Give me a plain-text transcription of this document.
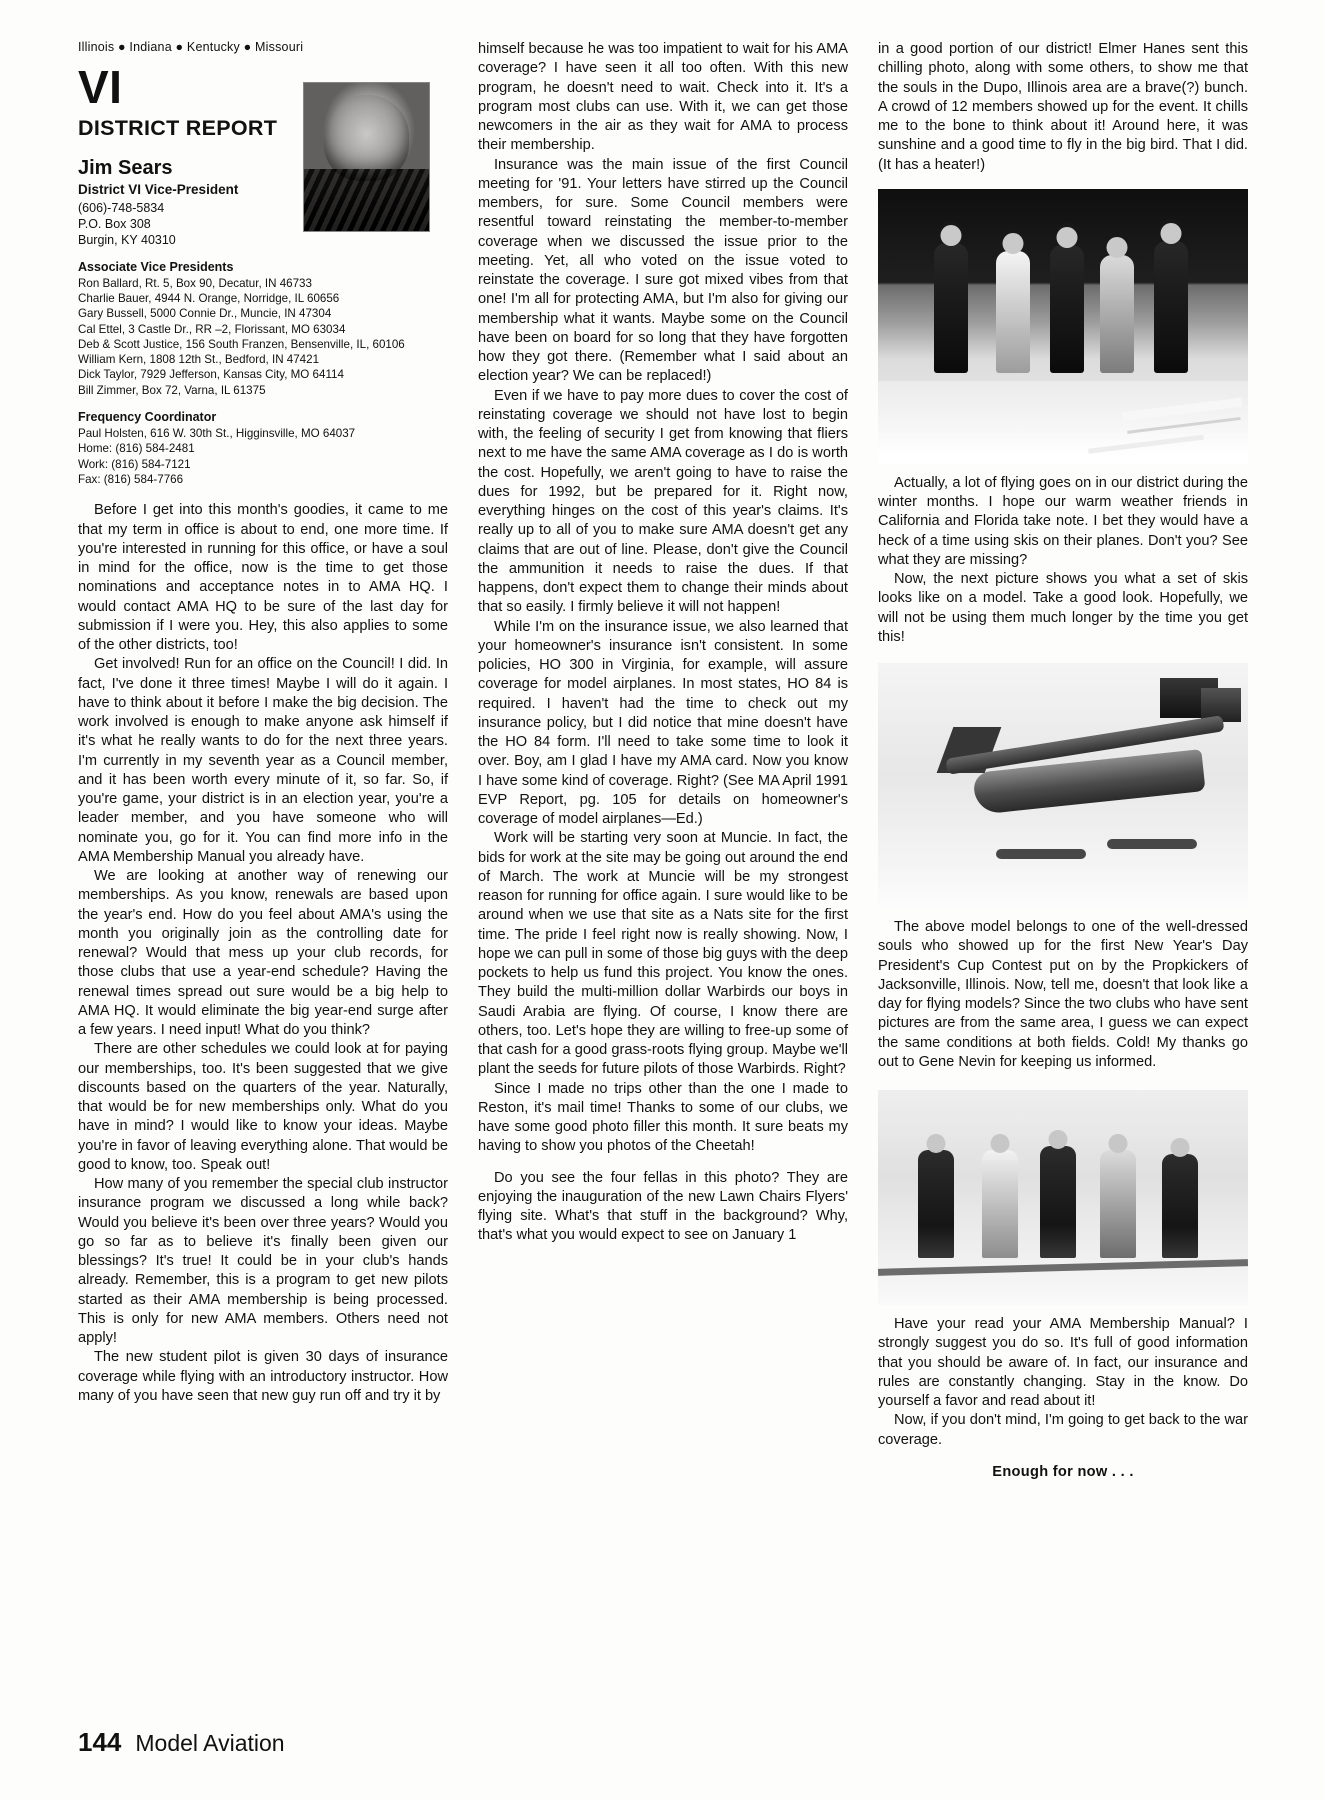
Illinois ● Indiana ● Kentucky ● Missouri
VI
DISTRICT REPORT
Jim Sears
District VI Vice-President
(606)-748-5834
P.O. Box 308
Burgin, KY 40310
Associate Vice Presidents
Ron Ballard, Rt. 5, Box 90, Decatur, IN 46733
Charlie Bauer, 4944 N. Orange, Norridge, IL 60656
Gary Bussell, 5000 Connie Dr., Muncie, IN 47304
Cal Ettel, 3 Castle Dr., RR –2, Florissant, MO 63034
Deb & Scott Justice, 156 South Franzen, Bensenville, IL, 60106
William Kern, 1808 12th St., Bedford, IN 47421
Dick Taylor, 7929 Jefferson, Kansas City, MO 64114
Bill Zimmer, Box 72, Varna, IL 61375
Frequency Coordinator
Paul Holsten, 616 W. 30th St., Higginsville, MO 64037
Home: (816) 584-2481
Work: (816) 584-7121
Fax: (816) 584-7766

Before I get into this month's goodies, it came to me that my term in office is about to end, one more time. If you're interested in running for this office, or have a soul in mind for the office, now is the time to get those nominations and acceptance notes in to AMA HQ. I would contact AMA HQ to be sure of the last day for submission if I were you. Hey, this also applies to some of the other districts, too!

Get involved! Run for an office on the Council! I did. In fact, I've done it three times! Maybe I will do it again. I have to think about it before I make the big decision. The work involved is enough to make anyone ask himself if it's what he really wants to do for the next three years. I'm currently in my seventh year as a Council member, and it has been worth every minute of it, so far. So, if you're game, your district is in an election year, you're a leader member, and you have someone who will nominate you, go for it. You can find more info in the AMA Membership Manual you already have.

We are looking at another way of renewing our memberships. As you know, renewals are based upon the year's end. How do you feel about AMA's using the month you originally join as the controlling date for renewal? Would that mess up your club records, for those clubs that use a year-end schedule? Having the renewal times spread out sure would be a big help to AMA HQ. It would eliminate the big year-end surge after a few years. I need input! What do you think?

There are other schedules we could look at for paying our memberships, too. It's been suggested that we give discounts based on the quarters of the year. Naturally, that would be for new memberships only. What do you have in mind? I would like to know your ideas. Maybe you're in favor of leaving everything alone. That would be good to know, too. Speak out!

How many of you remember the special club instructor insurance program we discussed a long while back? Would you believe it's been over three years? Would you go so far as to believe it's finally been given our blessings? It's true! It could be in your club's hands already. Remember, this is a program to get new pilots started as their AMA membership is being processed. This is only for new AMA members. Others need not apply!

The new student pilot is given 30 days of insurance coverage while flying with an introductory instructor. How many of you have seen that new guy run off and try it by

himself because he was too impatient to wait for his AMA coverage? I have seen it all too often. With this new program, he doesn't need to wait. Check into it. It's a program most clubs can use. With it, we can get those newcomers in the air as they wait for AMA to process their membership.

Insurance was the main issue of the first Council meeting for '91. Your letters have stirred up the Council members, for sure. Some Council members were resentful toward reinstating the member-to-member coverage when we discussed the issue prior to the meeting. Yet, all who voted on the issue voted to reinstate the coverage. I sure got mixed vibes from that one! I'm all for protecting AMA, but I'm also for giving our membership what it wants. Maybe some on the Council have been on board for so long that they have forgotten how they got there. (Remember what I said about an election year? We can be replaced!)

Even if we have to pay more dues to cover the cost of reinstating coverage we should not have lost to begin with, the feeling of security I get from knowing that fliers next to me have the same AMA coverage as I do is worth the cost. Hopefully, we aren't going to have to raise the dues for 1992, but be prepared for it. Right now, everything hinges on the cost of this year's claims. It's really up to all of you to make sure AMA doesn't get any claims that are out of line. Please, don't give the Council the ammunition it needs to raise the dues. If that happens, don't expect them to change their minds about that so easily. I firmly believe it will not happen!

While I'm on the insurance issue, we also learned that your homeowner's insurance isn't consistent. In some policies, HO 300 in Virginia, for example, will assure coverage for model airplanes. In most states, HO 84 is required. I haven't had the time to check out my insurance policy, but I did notice that mine doesn't have the HO 84 form. I'll need to take some time to look it over. Boy, am I glad I have my AMA card. Now you know I have some kind of coverage. Right? (See MA April 1991 EVP Report, pg. 105 for details on homeowner's coverage of model airplanes—Ed.)

Work will be starting very soon at Muncie. In fact, the bids for work at the site may be going out around the end of March. The work at Muncie will be my strongest reason for running for office again. I sure would like to be around when we use that site as a Nats site for the first time. The pride I feel right now is really showing. Now, I hope we can pull in some of those big guys with the deep pockets to help us fund this project. You know the ones. They build the multi-million dollar Warbirds our boys in Saudi Arabia are flying. Of course, I know there are others, too. Let's hope they are willing to free-up some of that cash for a good grass-roots flying group. Maybe we'll plant the seeds for future pilots of those Warbirds. Right?

Since I made no trips other than the one I made to Reston, it's mail time! Thanks to some of our clubs, we have some good photo filler this month. It sure beats my having to show you photos of the Cheetah!

Do you see the four fellas in this photo? They are enjoying the inauguration of the new Lawn Chairs Flyers' flying site. What's that stuff in the background? Why, that's what you would expect to see on January 1

in a good portion of our district! Elmer Hanes sent this chilling photo, along with some others, to show me that the souls in the Dupo, Illinois area are a brave(?) bunch. A crowd of 12 members showed up for the event. It chills me to the bone to think about it! Around here, it was sunshine and a good time to fly in the big bird. That I did. (It has a heater!)

Actually, a lot of flying goes on in our district during the winter months. I hope our warm weather friends in California and Florida take note. I bet they would have a heck of a time using skis on their planes. Don't you? See what they are missing?

Now, the next picture shows you what a set of skis looks like on a model. Take a good look. Hopefully, we will not be using them much longer by the time you get this!

The above model belongs to one of the well-dressed souls who showed up for the first New Year's Day President's Cup Contest put on by the Propkickers of Jacksonville, Illinois. Now, tell me, doesn't that look like a day for flying models? Since the two clubs who have sent pictures are from the same area, I guess we can expect the same conditions at both fields. Cold! My thanks go out to Gene Nevin for keeping us informed.

Have your read your AMA Membership Manual? I strongly suggest you do so. It's full of good information that you should be aware of. In fact, our insurance and rules are constantly changing. Stay in the know. Do yourself a favor and read about it!

Now, if you don't mind, I'm going to get back to the war coverage.

Enough for now . . .

144 Model Aviation
